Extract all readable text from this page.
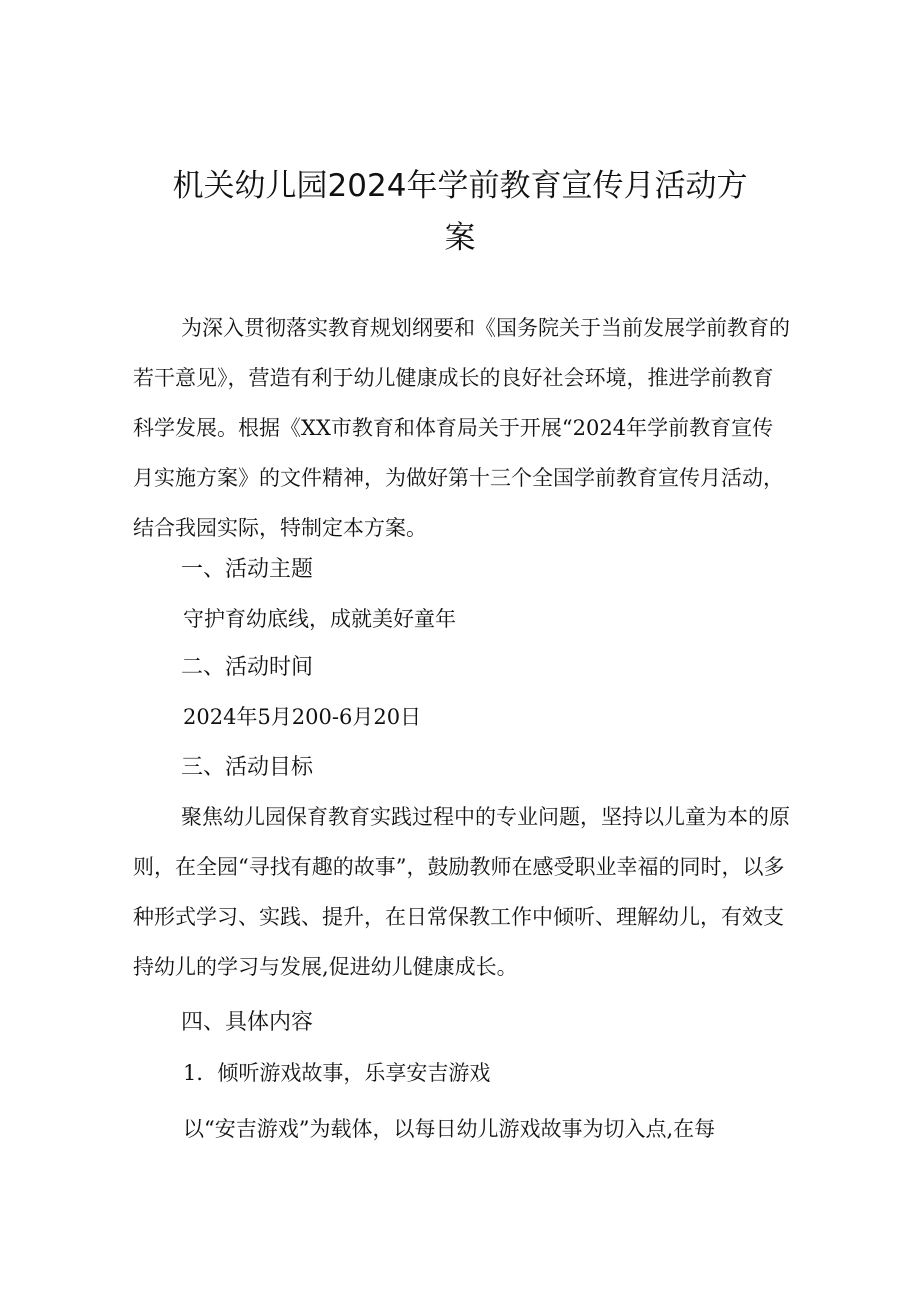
机关幼儿园2024年学前教育宣传月活动方
案

为深入贯彻落实教育规划纲要和《国务院关于当前发展学前教育的若干意见》，营造有利于幼儿健康成长的良好社会环境，推进学前教育科学发展。根据《XX市教育和体育局关于开展“2024年学前教育宣传月实施方案》的文件精神，为做好第十三个全国学前教育宣传月活动，结合我园实际，特制定本方案。

一、活动主题

守护育幼底线，成就美好童年

二、活动时间

2024年5月200-6月20日

三、活动目标

聚焦幼儿园保育教育实践过程中的专业问题，坚持以儿童为本的原则，在全园“寻找有趣的故事”，鼓励教师在感受职业幸福的同时，以多种形式学习、实践、提升，在日常保教工作中倾听、理解幼儿，有效支持幼儿的学习与发展,促进幼儿健康成长。

四、具体内容

1．倾听游戏故事，乐享安吉游戏

以“安吉游戏”为载体，以每日幼儿游戏故事为切入点,在每
